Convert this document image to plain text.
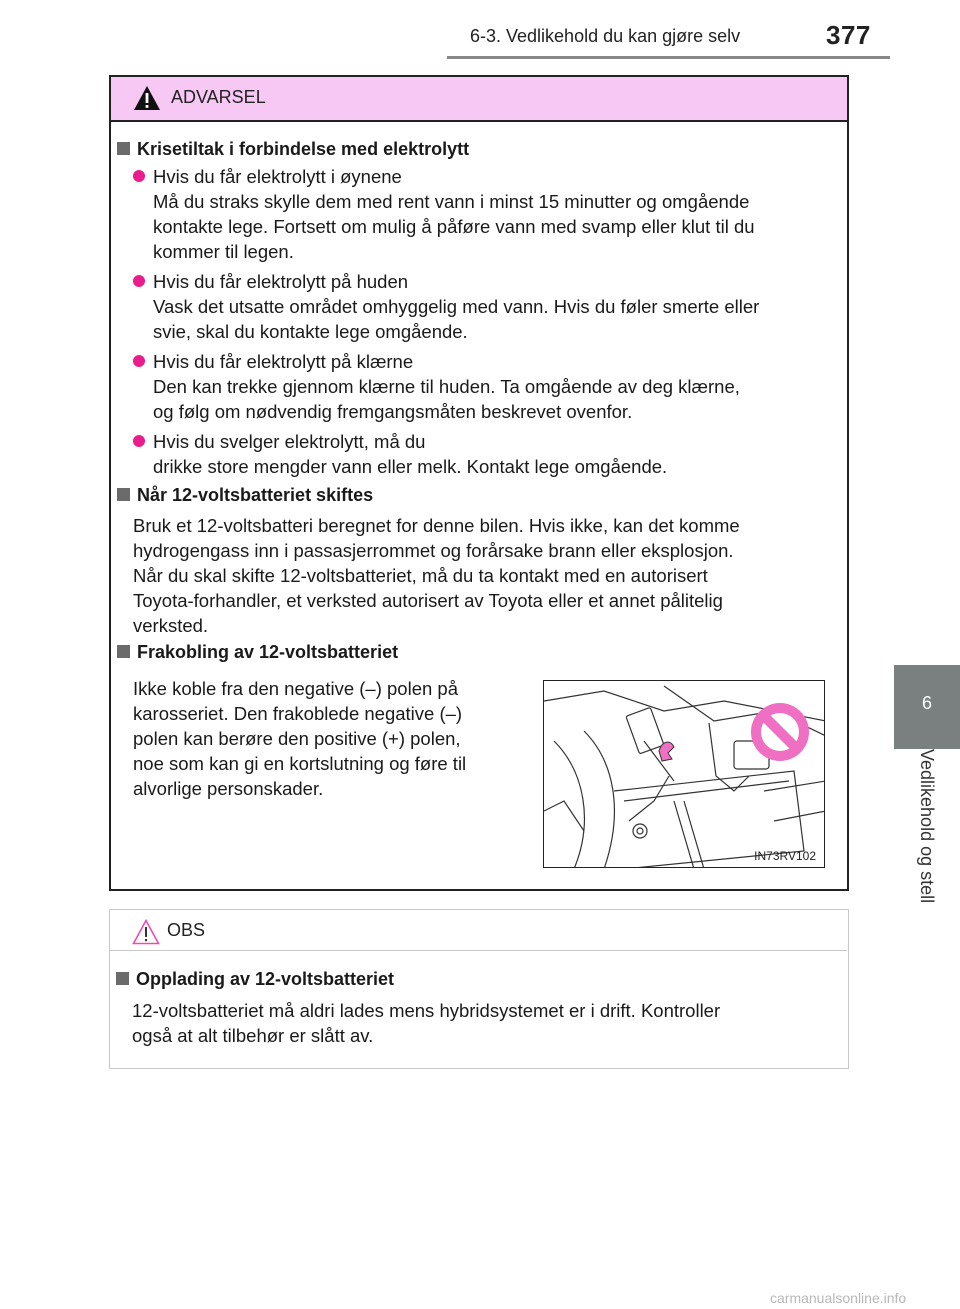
6-3. Vedlikehold du kan gjøre selv	377
6
Vedlikehold og stell
ADVARSEL
Krisetiltak i forbindelse med elektrolytt
Hvis du får elektrolytt i øynene
Må du straks skylle dem med rent vann i minst 15 minutter og omgående
kontakte lege. Fortsett om mulig å påføre vann med svamp eller klut til du
kommer til legen.
Hvis du får elektrolytt på huden
Vask det utsatte området omhyggelig med vann. Hvis du føler smerte eller
svie, skal du kontakte lege omgående.
Hvis du får elektrolytt på klærne
Den kan trekke gjennom klærne til huden. Ta omgående av deg klærne,
og følg om nødvendig fremgangsmåten beskrevet ovenfor.
Hvis du svelger elektrolytt, må du
drikke store mengder vann eller melk. Kontakt lege omgående.
Når 12-voltsbatteriet skiftes
Bruk et 12-voltsbatteri beregnet for denne bilen. Hvis ikke, kan det komme
hydrogengass inn i passasjerrommet og forårsake brann eller eksplosjon.
Når du skal skifte 12-voltsbatteriet, må du ta kontakt med en autorisert
Toyota-forhandler, et verksted autorisert av Toyota eller et annet pålitelig
verksted.
Frakobling av 12-voltsbatteriet
Ikke koble fra den negative (–) polen på
karosseriet. Den frakoblede negative (–)
polen kan berøre den positive (+) polen,
noe som kan gi en kortslutning og føre til
alvorlige personskader.
IN73RV102
OBS
Opplading av 12-voltsbatteriet
12-voltsbatteriet må aldri lades mens hybridsystemet er i drift. Kontroller
også at alt tilbehør er slått av.
carmanualsonline.info
